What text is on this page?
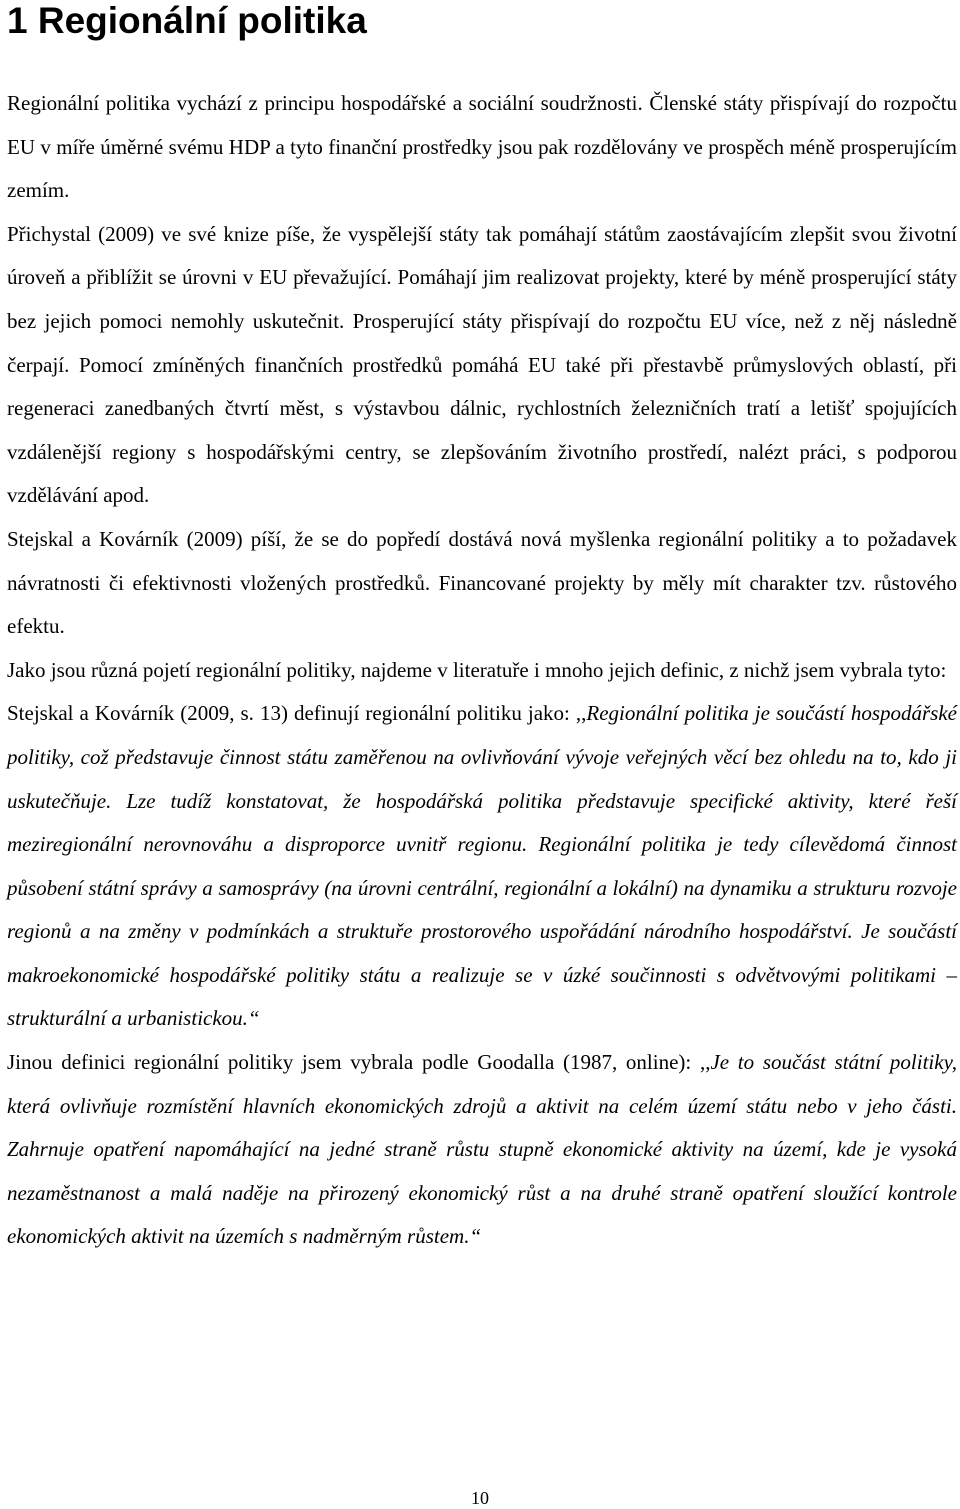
1 Regionální politika

Regionální politika vychází z principu hospodářské a sociální soudržnosti. Členské státy přispívají do rozpočtu EU v míře úměrné svému HDP a tyto finanční prostředky jsou pak rozdělovány ve prospěch méně prosperujícím zemím.

Přichystal (2009) ve své knize píše, že vyspělejší státy tak pomáhají státům zaostávajícím zlepšit svou životní úroveň a přiblížit se úrovni v EU převažující. Pomáhají jim realizovat projekty, které by méně prosperující státy bez jejich pomoci nemohly uskutečnit. Prosperující státy přispívají do rozpočtu EU více, než z něj následně čerpají. Pomocí zmíněných finančních prostředků pomáhá EU také při přestavbě průmyslových oblastí, při regeneraci zanedbaných čtvrtí měst, s výstavbou dálnic, rychlostních železničních tratí a letišť spojujících vzdálenější regiony s hospodářskými centry, se zlepšováním životního prostředí, nalézt práci, s podporou vzdělávání apod.

Stejskal a Kovárník (2009) píší, že se do popředí dostává nová myšlenka regionální politiky a to požadavek návratnosti či efektivnosti vložených prostředků. Financované projekty by měly mít charakter tzv. růstového efektu.

Jako jsou různá pojetí regionální politiky, najdeme v literatuře i mnoho jejich definic, z nichž jsem vybrala tyto:

Stejskal a Kovárník (2009, s. 13) definují regionální politiku jako: ,,Regionální politika je součástí hospodářské politiky, což představuje činnost státu zaměřenou na ovlivňování vývoje veřejných věcí bez ohledu na to, kdo ji uskutečňuje. Lze tudíž konstatovat, že hospodářská politika představuje specifické aktivity, které řeší meziregionální nerovnováhu a disproporce uvnitř regionu. Regionální politika je tedy cílevědomá činnost působení státní správy a samosprávy (na úrovni centrální, regionální a lokální) na dynamiku a strukturu rozvoje regionů a na změny v podmínkách a struktuře prostorového uspořádání národního hospodářství. Je součástí makroekonomické hospodářské politiky státu a realizuje se v úzké součinnosti s odvětvovými politikami – strukturální a urbanistickou.“

Jinou definici regionální politiky jsem vybrala podle Goodalla (1987, online): ,,Je to součást státní politiky, která ovlivňuje rozmístění hlavních ekonomických zdrojů a aktivit na celém území státu nebo v jeho části. Zahrnuje opatření napomáhající na jedné straně růstu stupně ekonomické aktivity na území, kde je vysoká nezaměstnanost a malá naděje na přirozený ekonomický růst a na druhé straně opatření sloužící kontrole ekonomických aktivit na územích s nadměrným růstem.“

10
